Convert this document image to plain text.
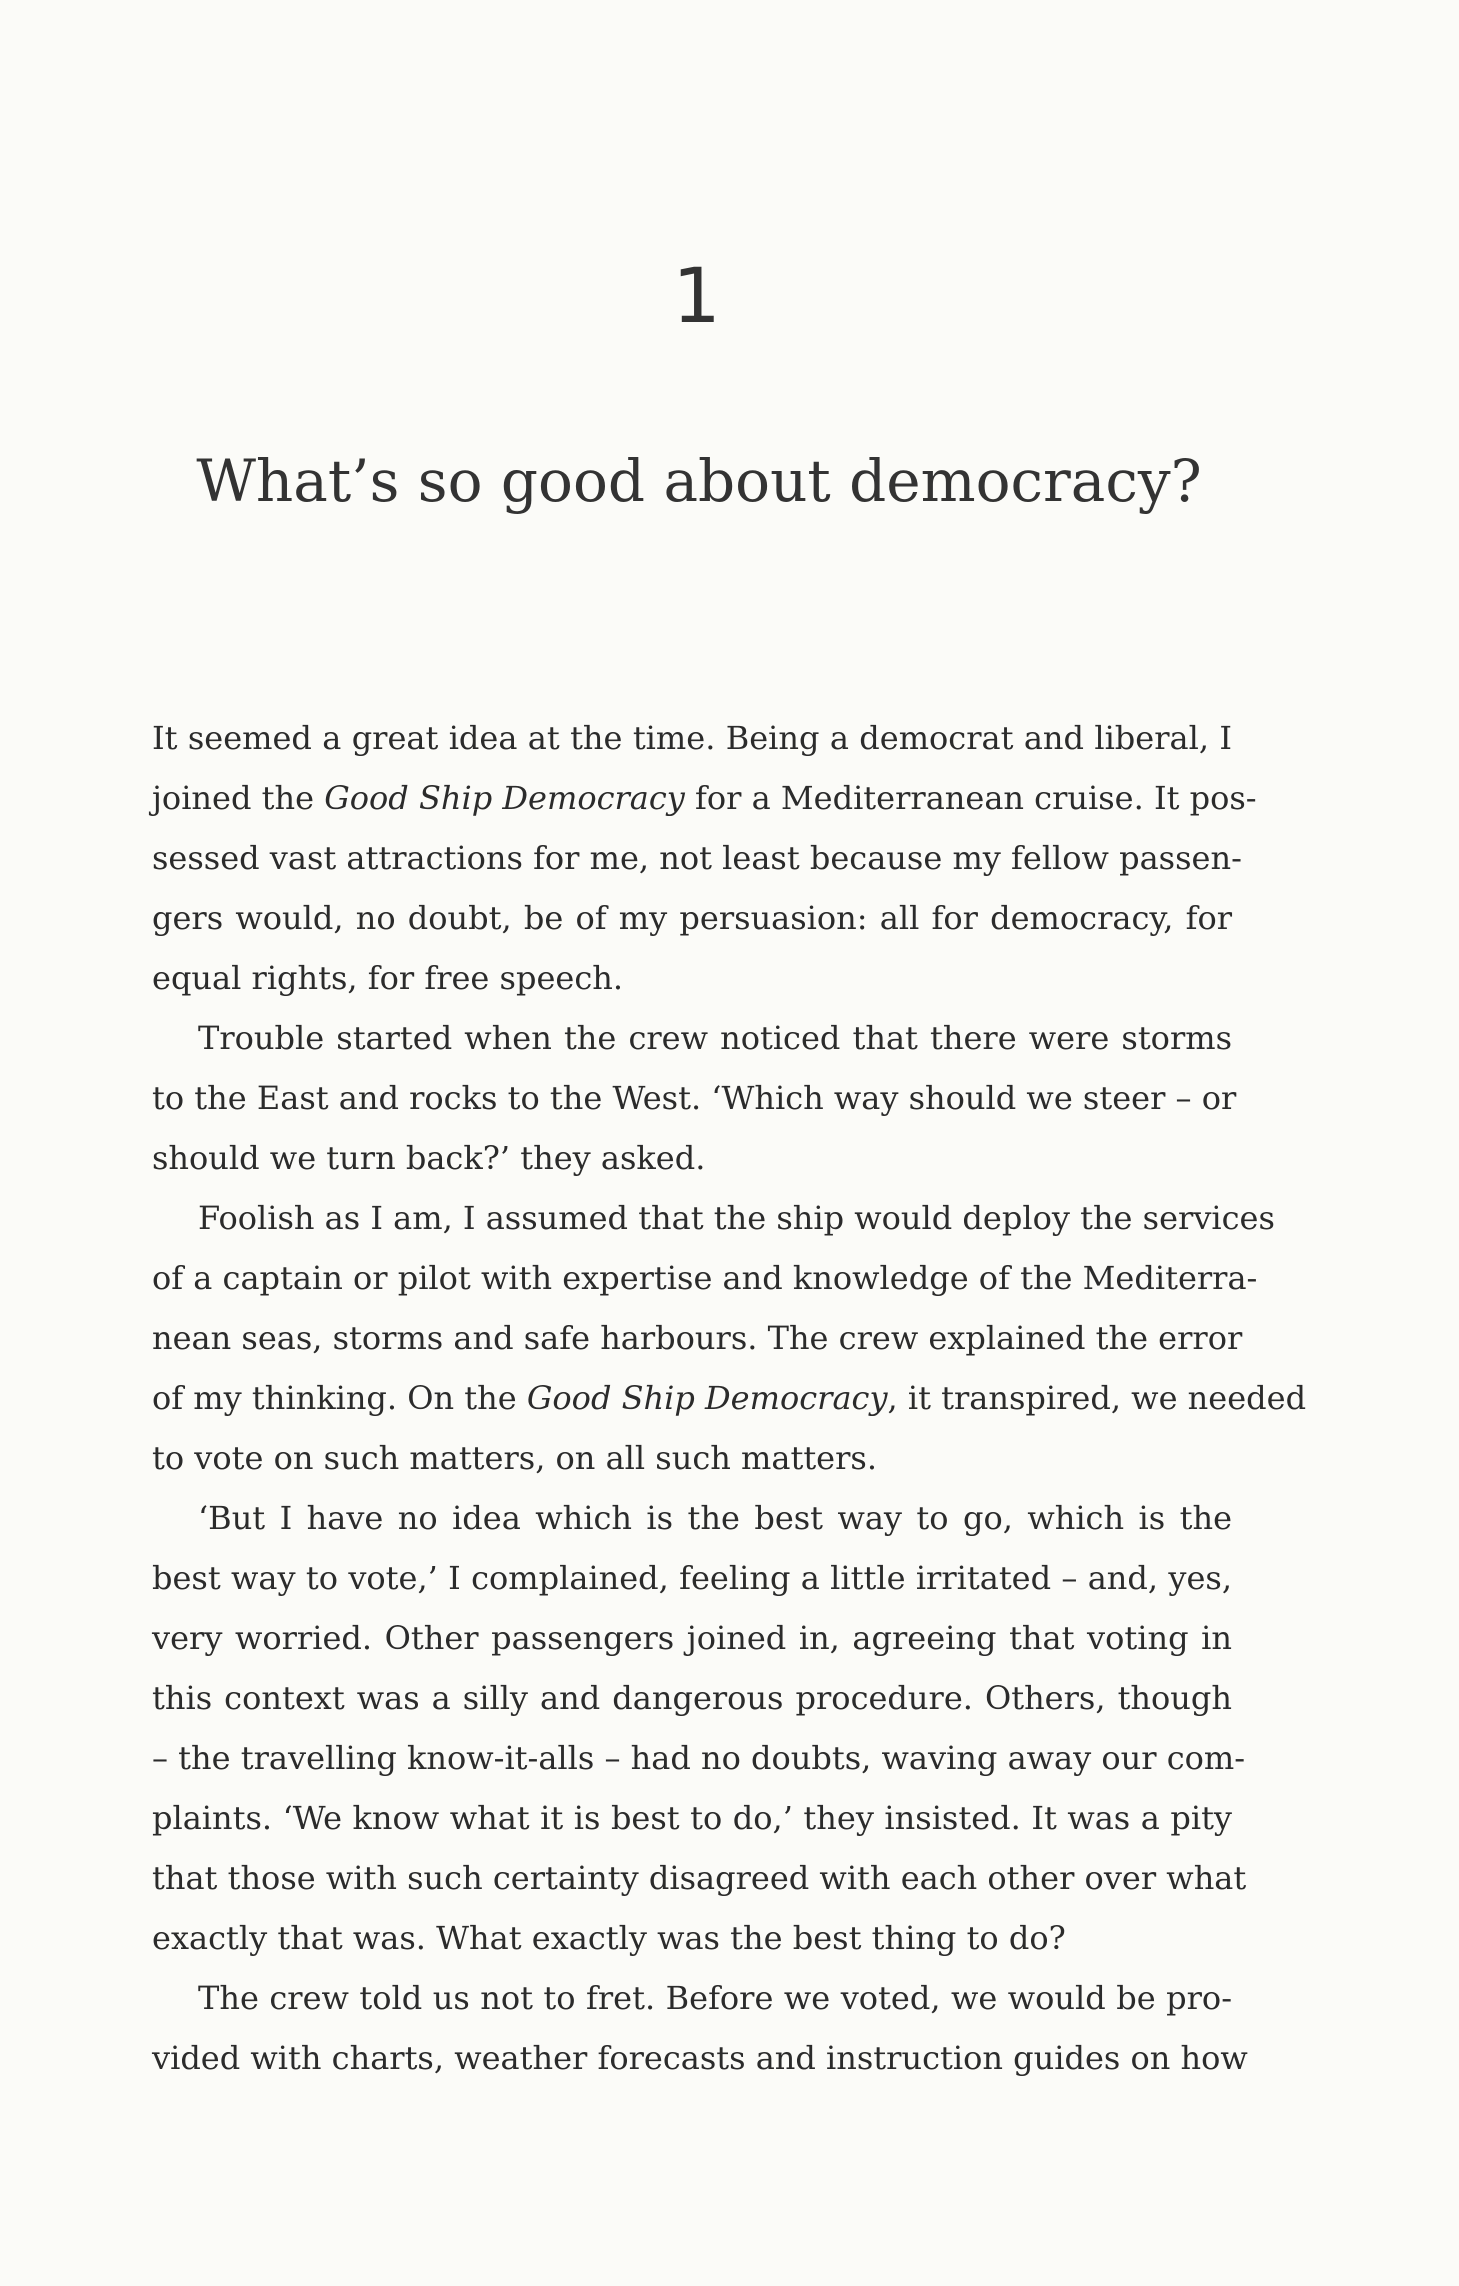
1
What’s so good about democracy?
It seemed a great idea at the time. Being a democrat and liberal, I
joined the Good Ship Democracy for a Mediterranean cruise. It pos-
sessed vast attractions for me, not least because my fellow passen-
gers would, no doubt, be of my persuasion: all for democracy, for
equal rights, for free speech.
Trouble started when the crew noticed that there were storms
to the East and rocks to the West. ‘Which way should we steer – or
should we turn back?’ they asked.
Foolish as I am, I assumed that the ship would deploy the services
of a captain or pilot with expertise and knowledge of the Mediterra-
nean seas, storms and safe harbours. The crew explained the error
of my thinking. On the Good Ship Democracy, it transpired, we needed
to vote on such matters, on all such matters.
‘But I have no idea which is the best way to go, which is the
best way to vote,’ I complained, feeling a little irritated – and, yes,
very worried. Other passengers joined in, agreeing that voting in
this context was a silly and dangerous procedure. Others, though
– the travelling know-it-alls – had no doubts, waving away our com-
plaints. ‘We know what it is best to do,’ they insisted. It was a pity
that those with such certainty disagreed with each other over what
exactly that was. What exactly was the best thing to do?
The crew told us not to fret. Before we voted, we would be pro-
vided with charts, weather forecasts and instruction guides on how
